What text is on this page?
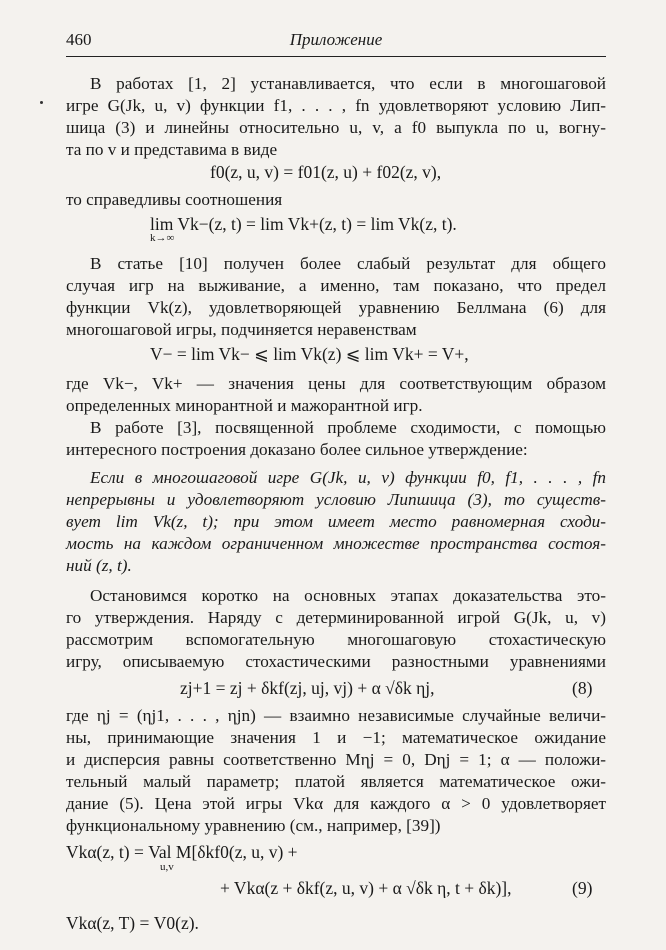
460	Приложение
В работах [1, 2] устанавливается, что если в многошаговой
игре G(Jk, u, v) функции f1, . . . , fn удовлетворяют условию Лип-
шица (3) и линейны относительно u, v, а f0 выпукла по u, вогну-
та по v и представима в виде
f0(z, u, v) = f01(z, u) + f02(z, v),
то справедливы соотношения
lim Vk−(z, t) = lim Vk+(z, t) = lim Vk(z, t).
k→∞
В статье [10] получен более слабый результат для общего
случая игр на выживание, а именно, там показано, что предел
функции Vk(z), удовлетворяющей уравнению Беллмана (6) для
многошаговой игры, подчиняется неравенствам
V− = lim Vk− ⩽ lim Vk(z) ⩽ lim Vk+ = V+,
где Vk−, Vk+ — значения цены для соответствующим образом
определенных минорантной и мажорантной игр.
В работе [3], посвященной проблеме сходимости, с помощью
интересного построения доказано более сильное утверждение:
Если в многошаговой игре G(Jk, u, v) функции f0, f1, . . . , fn
непрерывны и удовлетворяют условию Липшица (3), то существ-
вует lim Vk(z, t); при этом имеет место равномерная сходи-
мость на каждом ограниченном множестве пространства состоя-
ний (z, t).
Остановимся коротко на основных этапах доказательства это-
го утверждения. Наряду с детерминированной игрой G(Jk, u, v)
рассмотрим вспомогательную многошаговую стохастическую
игру, описываемую стохастическими разностными уравнениями
zj+1 = zj + δkf(zj, uj, vj) + α √δk ηj,	(8)
где ηj = (ηj1, . . . , ηjn) — взаимно независимые случайные величи-
ны, принимающие значения 1 и −1; математическое ожидание
и дисперсия равны соответственно Mηj = 0, Dηj = 1; α — положи-
тельный малый параметр; платой является математическое ожи-
дание (5). Цена этой игры Vkα для каждого α > 0 удовлетворяет
функциональному уравнению (см., например, [39])
Vkα(z, t) = Val M[δkf0(z, u, v) +
u,v
+ Vkα(z + δkf(z, u, v) + α √δk η, t + δk)],	(9)
Vkα(z, T) = V0(z).
